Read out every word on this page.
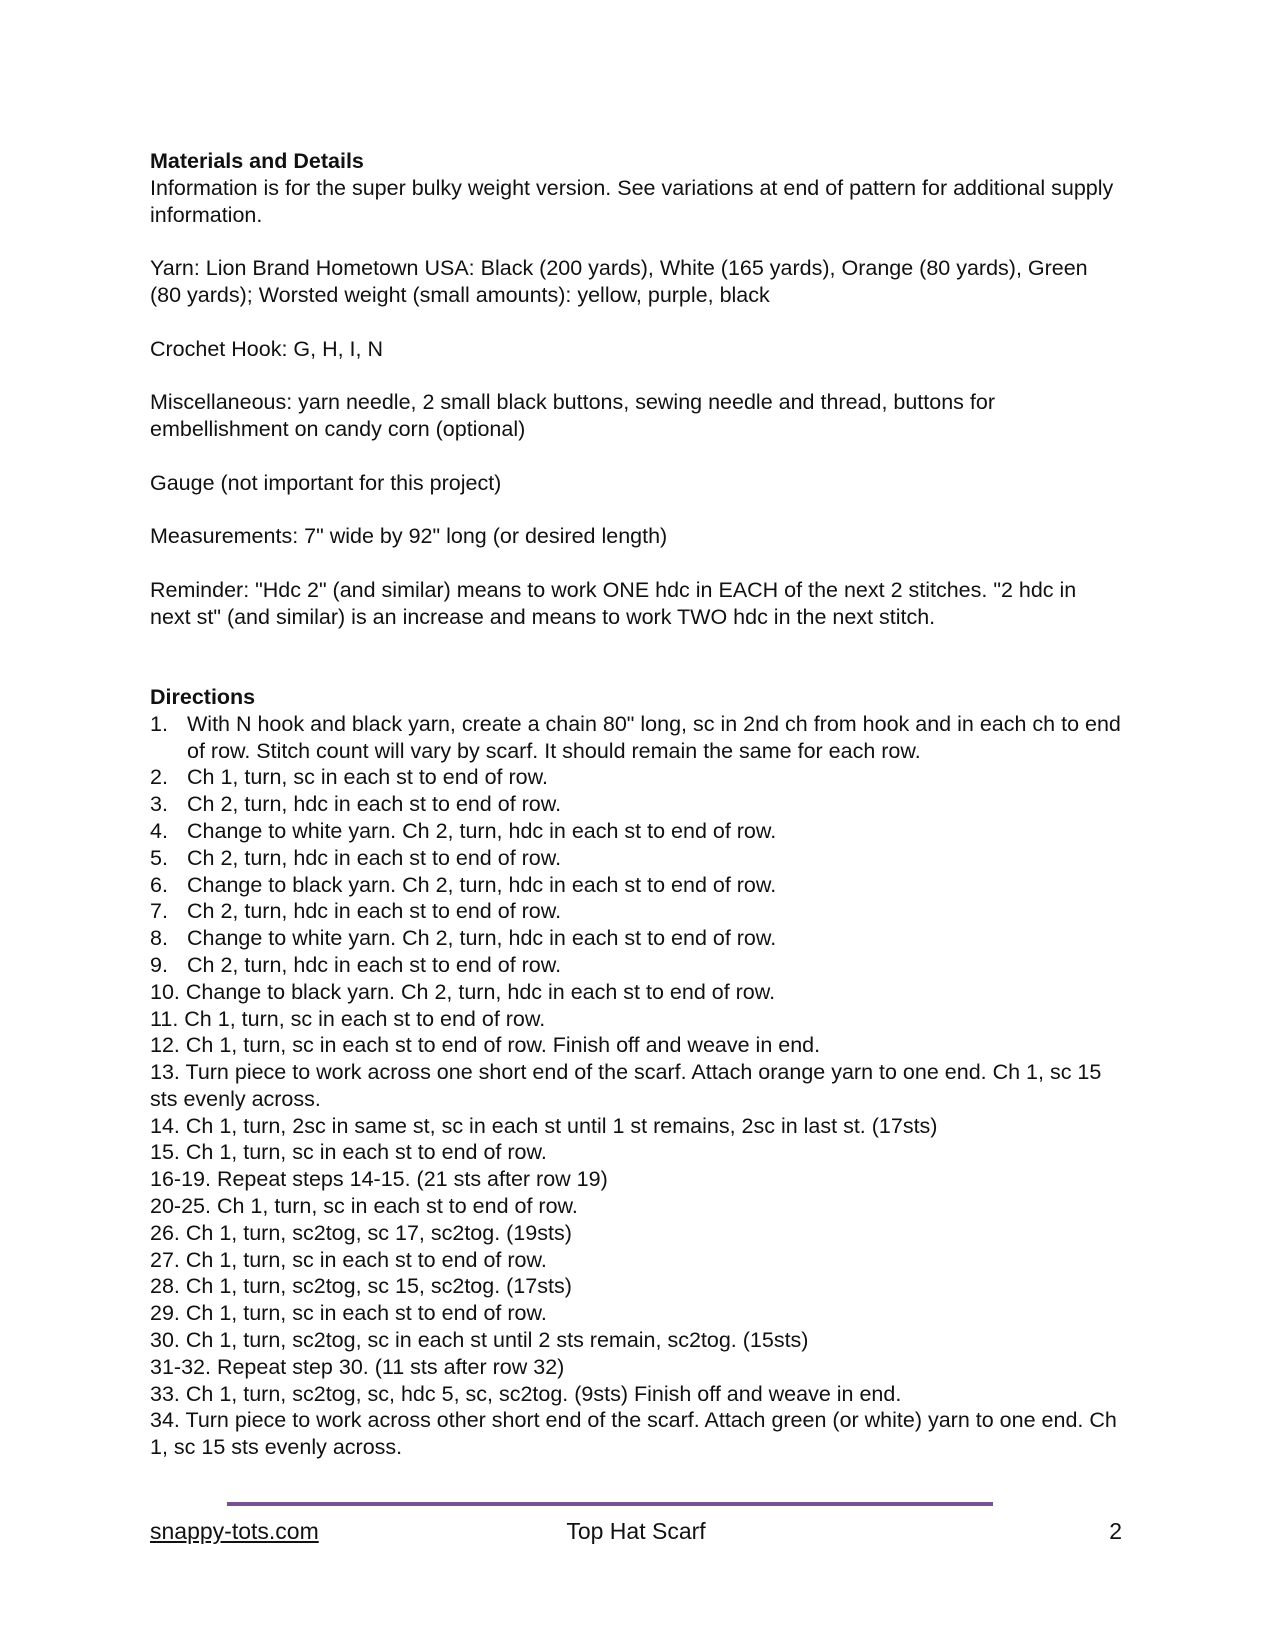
Materials and Details

Information is for the super bulky weight version. See variations at end of pattern for additional supply information.

Yarn: Lion Brand Hometown USA: Black (200 yards), White (165 yards), Orange (80 yards), Green (80 yards); Worsted weight (small amounts): yellow, purple, black

Crochet Hook: G, H, I, N

Miscellaneous: yarn needle, 2 small black buttons, sewing needle and thread, buttons for embellishment on candy corn (optional)

Gauge (not important for this project)

Measurements: 7" wide by 92" long (or desired length)

Reminder: "Hdc 2" (and similar) means to work ONE hdc in EACH of the next 2 stitches. "2 hdc in next st" (and similar) is an increase and means to work TWO hdc in the next stitch.

Directions

1. With N hook and black yarn, create a chain 80" long, sc in 2nd ch from hook and in each ch to end of row. Stitch count will vary by scarf. It should remain the same for each row.
2. Ch 1, turn, sc in each st to end of row.
3. Ch 2, turn, hdc in each st to end of row.
4. Change to white yarn. Ch 2, turn, hdc in each st to end of row.
5. Ch 2, turn, hdc in each st to end of row.
6. Change to black yarn. Ch 2, turn, hdc in each st to end of row.
7. Ch 2, turn, hdc in each st to end of row.
8. Change to white yarn. Ch 2, turn, hdc in each st to end of row.
9. Ch 2, turn, hdc in each st to end of row.
10. Change to black yarn. Ch 2, turn, hdc in each st to end of row.
11. Ch 1, turn, sc in each st to end of row.
12. Ch 1, turn, sc in each st to end of row. Finish off and weave in end.
13. Turn piece to work across one short end of the scarf. Attach orange yarn to one end. Ch 1, sc 15 sts evenly across.
14. Ch 1, turn, 2sc in same st, sc in each st until 1 st remains, 2sc in last st. (17sts)
15. Ch 1, turn, sc in each st to end of row.
16-19. Repeat steps 14-15. (21 sts after row 19)
20-25. Ch 1, turn, sc in each st to end of row.
26. Ch 1, turn, sc2tog, sc 17, sc2tog. (19sts)
27. Ch 1, turn, sc in each st to end of row.
28. Ch 1, turn, sc2tog, sc 15, sc2tog. (17sts)
29. Ch 1, turn, sc in each st to end of row.
30. Ch 1, turn, sc2tog, sc in each st until 2 sts remain, sc2tog. (15sts)
31-32. Repeat step 30. (11 sts after row 32)
33. Ch 1, turn, sc2tog, sc, hdc 5, sc, sc2tog. (9sts) Finish off and weave in end.
34. Turn piece to work across other short end of the scarf. Attach green (or white) yarn to one end. Ch 1, sc 15 sts evenly across.
snappy-tots.com	Top Hat Scarf	2
